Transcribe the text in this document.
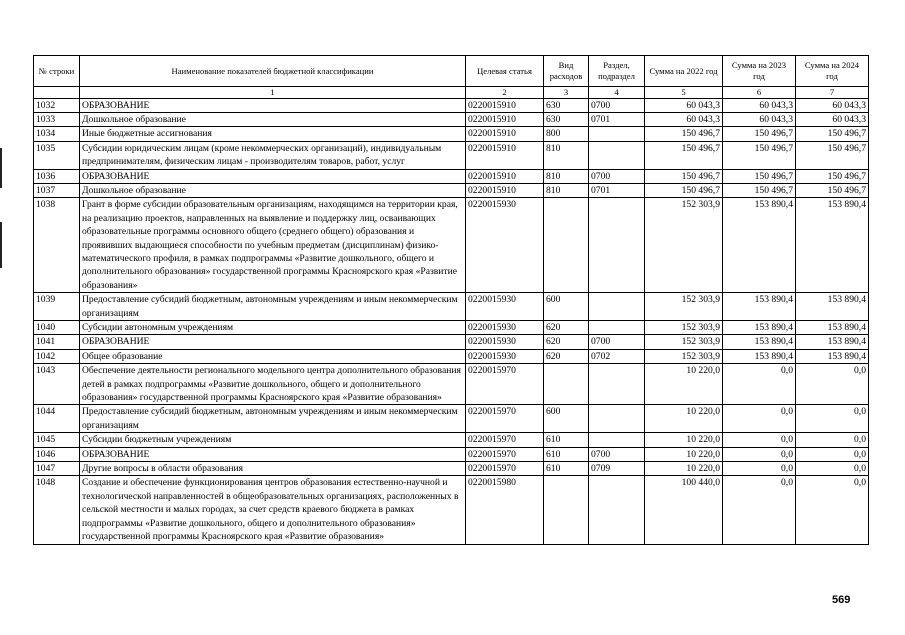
№ строки	Наименование показателей бюджетной классификации	Целевая статья	Вид расходов	Раздел, подраздел	Сумма на 2022 год	Сумма на 2023 год	Сумма на 2024 год
	1	2	3	4	5	6	7
1032	ОБРАЗОВАНИЕ	0220015910	630	0700	60 043,3	60 043,3	60 043,3
1033	Дошкольное образование	0220015910	630	0701	60 043,3	60 043,3	60 043,3
1034	Иные бюджетные ассигнования	0220015910	800		150 496,7	150 496,7	150 496,7
1035	Субсидии юридическим лицам (кроме некоммерческих организаций), индивидуальным предпринимателям, физическим лицам - производителям товаров, работ, услуг	0220015910	810		150 496,7	150 496,7	150 496,7
1036	ОБРАЗОВАНИЕ	0220015910	810	0700	150 496,7	150 496,7	150 496,7
1037	Дошкольное образование	0220015910	810	0701	150 496,7	150 496,7	150 496,7
1038	Грант в форме субсидии образовательным организациям, находящимся на территории края, на реализацию проектов, направленных на выявление и поддержку лиц, осваивающих образовательные программы основного общего (среднего общего) образования и проявивших выдающиеся способности по учебным предметам (дисциплинам) физико-математического профиля, в рамках подпрограммы «Развитие дошкольного, общего и дополнительного образования» государственной программы Красноярского края «Развитие образования»	0220015930			152 303,9	153 890,4	153 890,4
1039	Предоставление субсидий бюджетным, автономным учреждениям и иным некоммерческим организациям	0220015930	600		152 303,9	153 890,4	153 890,4
1040	Субсидии автономным учреждениям	0220015930	620		152 303,9	153 890,4	153 890,4
1041	ОБРАЗОВАНИЕ	0220015930	620	0700	152 303,9	153 890,4	153 890,4
1042	Общее образование	0220015930	620	0702	152 303,9	153 890,4	153 890,4
1043	Обеспечение деятельности регионального модельного центра дополнительного образования детей в рамках подпрограммы «Развитие дошкольного, общего и дополнительного образования» государственной программы Красноярского края «Развитие образования»	0220015970			10 220,0	0,0	0,0
1044	Предоставление субсидий бюджетным, автономным учреждениям и иным некоммерческим организациям	0220015970	600		10 220,0	0,0	0,0
1045	Субсидии бюджетным учреждениям	0220015970	610		10 220,0	0,0	0,0
1046	ОБРАЗОВАНИЕ	0220015970	610	0700	10 220,0	0,0	0,0
1047	Другие вопросы в области образования	0220015970	610	0709	10 220,0	0,0	0,0
1048	Создание и обеспечение функционирования центров образования естественно-научной и технологической направленностей в общеобразовательных организациях, расположенных в сельской местности и малых городах, за счет средств краевого бюджета в рамках подпрограммы «Развитие дошкольного, общего и дополнительного образования» государственной программы Красноярского края «Развитие образования»	0220015980			100 440,0	0,0	0,0
569
